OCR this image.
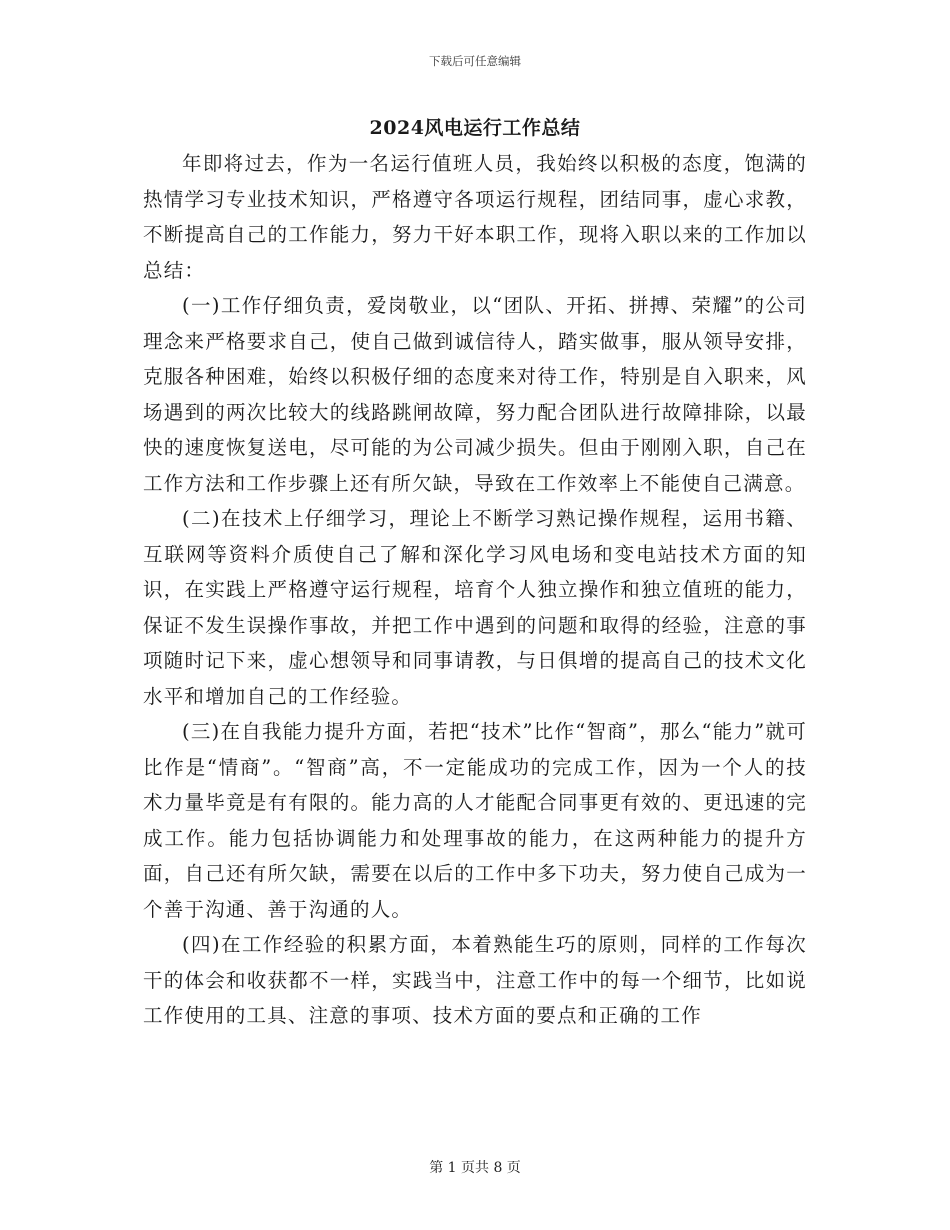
下载后可任意编辑
2024风电运行工作总结

年即将过去，作为一名运行值班人员，我始终以积极的态度，饱满的热情学习专业技术知识，严格遵守各项运行规程，团结同事，虚心求教，不断提高自己的工作能力，努力干好本职工作，现将入职以来的工作加以总结：

(一)工作仔细负责，爱岗敬业，以“团队、开拓、拼搏、荣耀”的公司理念来严格要求自己，使自己做到诚信待人，踏实做事，服从领导安排，克服各种困难，始终以积极仔细的态度来对待工作，特别是自入职来，风场遇到的两次比较大的线路跳闸故障，努力配合团队进行故障排除，以最快的速度恢复送电，尽可能的为公司减少损失。但由于刚刚入职，自己在工作方法和工作步骤上还有所欠缺，导致在工作效率上不能使自己满意。

(二)在技术上仔细学习，理论上不断学习熟记操作规程，运用书籍、互联网等资料介质使自己了解和深化学习风电场和变电站技术方面的知识，在实践上严格遵守运行规程，培育个人独立操作和独立值班的能力，保证不发生误操作事故，并把工作中遇到的问题和取得的经验，注意的事项随时记下来，虚心想领导和同事请教，与日俱增的提高自己的技术文化水平和增加自己的工作经验。

(三)在自我能力提升方面，若把“技术”比作“智商”，那么“能力”就可比作是“情商”。“智商”高，不一定能成功的完成工作，因为一个人的技术力量毕竟是有有限的。能力高的人才能配合同事更有效的、更迅速的完成工作。能力包括协调能力和处理事故的能力，在这两种能力的提升方面，自己还有所欠缺，需要在以后的工作中多下功夫，努力使自己成为一个善于沟通、善于沟通的人。

(四)在工作经验的积累方面，本着熟能生巧的原则，同样的工作每次干的体会和收获都不一样，实践当中，注意工作中的每一个细节，比如说工作使用的工具、注意的事项、技术方面的要点和正确的工作

第 1 页共 8 页
